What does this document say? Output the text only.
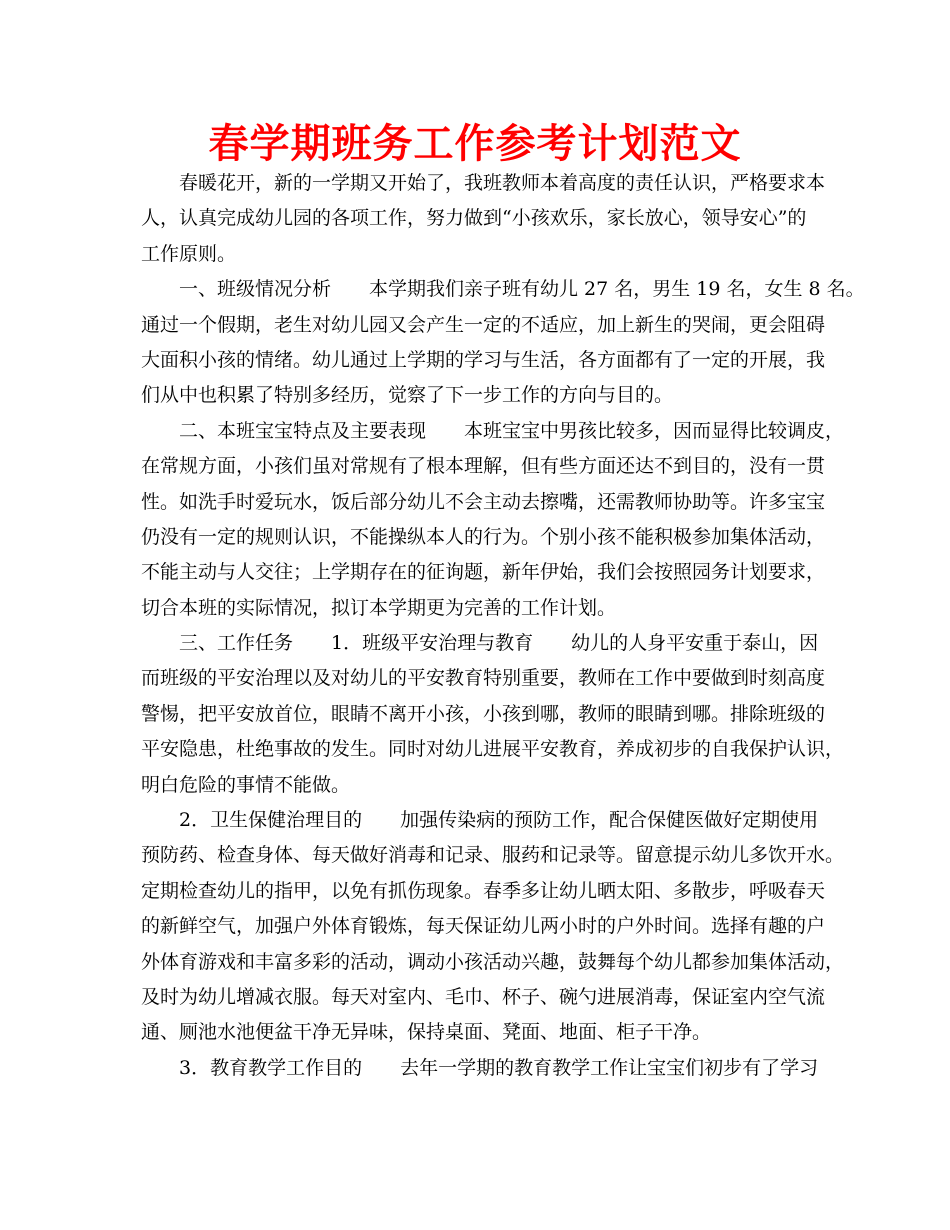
春学期班务工作参考计划范文
春暖花开，新的一学期又开始了，我班教师本着高度的责任认识，严格要求本
人，认真完成幼儿园的各项工作，努力做到“小孩欢乐，家长放心，领导安心”的
工作原则。
一、班级情况分析　　本学期我们亲子班有幼儿 27 名，男生 19 名，女生 8 名。
通过一个假期，老生对幼儿园又会产生一定的不适应，加上新生的哭闹，更会阻碍
大面积小孩的情绪。幼儿通过上学期的学习与生活，各方面都有了一定的开展，我
们从中也积累了特别多经历，觉察了下一步工作的方向与目的。
二、本班宝宝特点及主要表现　　本班宝宝中男孩比较多，因而显得比较调皮，
在常规方面，小孩们虽对常规有了根本理解，但有些方面还达不到目的，没有一贯
性。如洗手时爱玩水，饭后部分幼儿不会主动去擦嘴，还需教师协助等。许多宝宝
仍没有一定的规则认识，不能操纵本人的行为。个别小孩不能积极参加集体活动，
不能主动与人交往；上学期存在的征询题，新年伊始，我们会按照园务计划要求，
切合本班的实际情况，拟订本学期更为完善的工作计划。
三、工作任务　　1．班级平安治理与教育　　幼儿的人身平安重于泰山，因
而班级的平安治理以及对幼儿的平安教育特别重要，教师在工作中要做到时刻高度
警惕，把平安放首位，眼睛不离开小孩，小孩到哪，教师的眼睛到哪。排除班级的
平安隐患，杜绝事故的发生。同时对幼儿进展平安教育，养成初步的自我保护认识，
明白危险的事情不能做。
2．卫生保健治理目的　　加强传染病的预防工作，配合保健医做好定期使用
预防药、检查身体、每天做好消毒和记录、服药和记录等。留意提示幼儿多饮开水。
定期检查幼儿的指甲，以免有抓伤现象。春季多让幼儿晒太阳、多散步，呼吸春天
的新鲜空气，加强户外体育锻炼，每天保证幼儿两小时的户外时间。选择有趣的户
外体育游戏和丰富多彩的活动，调动小孩活动兴趣，鼓舞每个幼儿都参加集体活动，
及时为幼儿增减衣服。每天对室内、毛巾、杯子、碗勺进展消毒，保证室内空气流
通、厕池水池便盆干净无异味，保持桌面、凳面、地面、柜子干净。
3．教育教学工作目的　　去年一学期的教育教学工作让宝宝们初步有了学习
